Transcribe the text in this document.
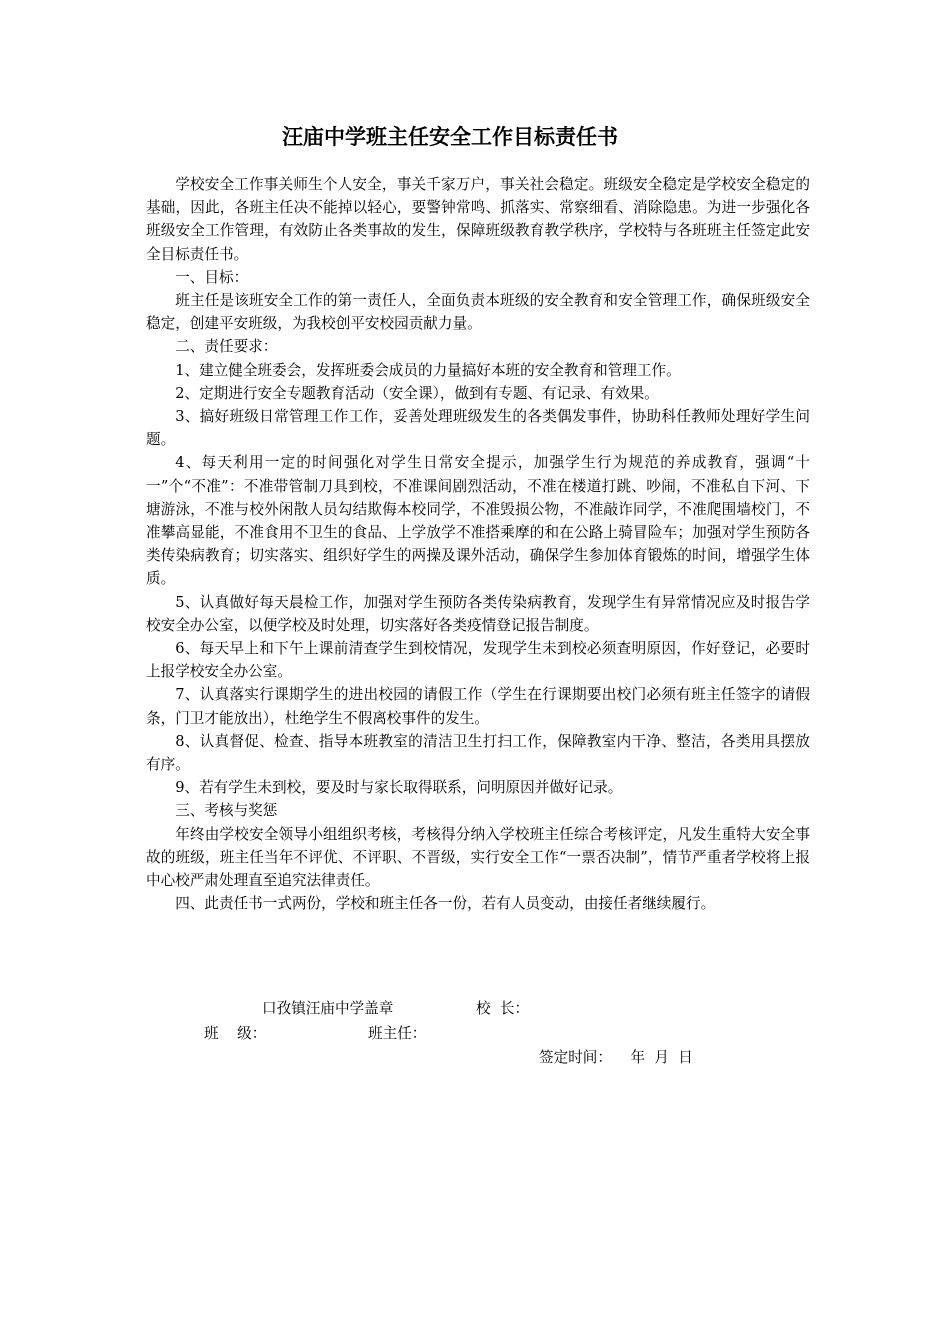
汪庙中学班主任安全工作目标责任书

学校安全工作事关师生个人安全，事关千家万户，事关社会稳定。班级安全稳定是学校安全稳定的基础，因此，各班主任决不能掉以轻心，要警钟常鸣、抓落实、常察细看、消除隐患。为进一步强化各班级安全工作管理，有效防止各类事故的发生，保障班级教育教学秩序，学校特与各班班主任签定此安全目标责任书。

一、目标：

班主任是该班安全工作的第一责任人，全面负责本班级的安全教育和安全管理工作，确保班级安全稳定，创建平安班级，为我校创平安校园贡献力量。

二、责任要求：

1、建立健全班委会，发挥班委会成员的力量搞好本班的安全教育和管理工作。

2、定期进行安全专题教育活动（安全课），做到有专题、有记录、有效果。

3、搞好班级日常管理工作工作，妥善处理班级发生的各类偶发事件，协助科任教师处理好学生问题。

4、每天利用一定的时间强化对学生日常安全提示，加强学生行为规范的养成教育，强调“十一”个“不准”：不准带管制刀具到校，不准课间剧烈活动，不准在楼道打跳、吵闹，不准私自下河、下塘游泳，不准与校外闲散人员勾结欺侮本校同学，不准毁损公物，不准敲诈同学，不准爬围墙校门，不准攀高显能，不准食用不卫生的食品、上学放学不准搭乘摩的和在公路上骑冒险车；加强对学生预防各类传染病教育；切实落实、组织好学生的两操及课外活动，确保学生参加体育锻炼的时间，增强学生体质。

5、认真做好每天晨检工作，加强对学生预防各类传染病教育，发现学生有异常情况应及时报告学校安全办公室，以便学校及时处理，切实落好各类疫情登记报告制度。

6、每天早上和下午上课前清查学生到校情况，发现学生未到校必须查明原因，作好登记，必要时上报学校安全办公室。

7、认真落实行课期学生的进出校园的请假工作（学生在行课期要出校门必须有班主任签字的请假条，门卫才能放出），杜绝学生不假离校事件的发生。

8、认真督促、检查、指导本班教室的清洁卫生打扫工作，保障教室内干净、整洁，各类用具摆放有序。

9、若有学生未到校，要及时与家长取得联系，问明原因并做好记录。

三、考核与奖惩

年终由学校安全领导小组组织考核，考核得分纳入学校班主任综合考核评定，凡发生重特大安全事故的班级，班主任当年不评优、不评职、不晋级，实行安全工作“一票否决制”，情节严重者学校将上报中心校严肃处理直至追究法律责任。

四、此责任书一式两份，学校和班主任各一份，若有人员变动，由接任者继续履行。

口孜镇汪庙中学盖章	校  长：
班    级：	班主任：
签定时间：    年  月  日
